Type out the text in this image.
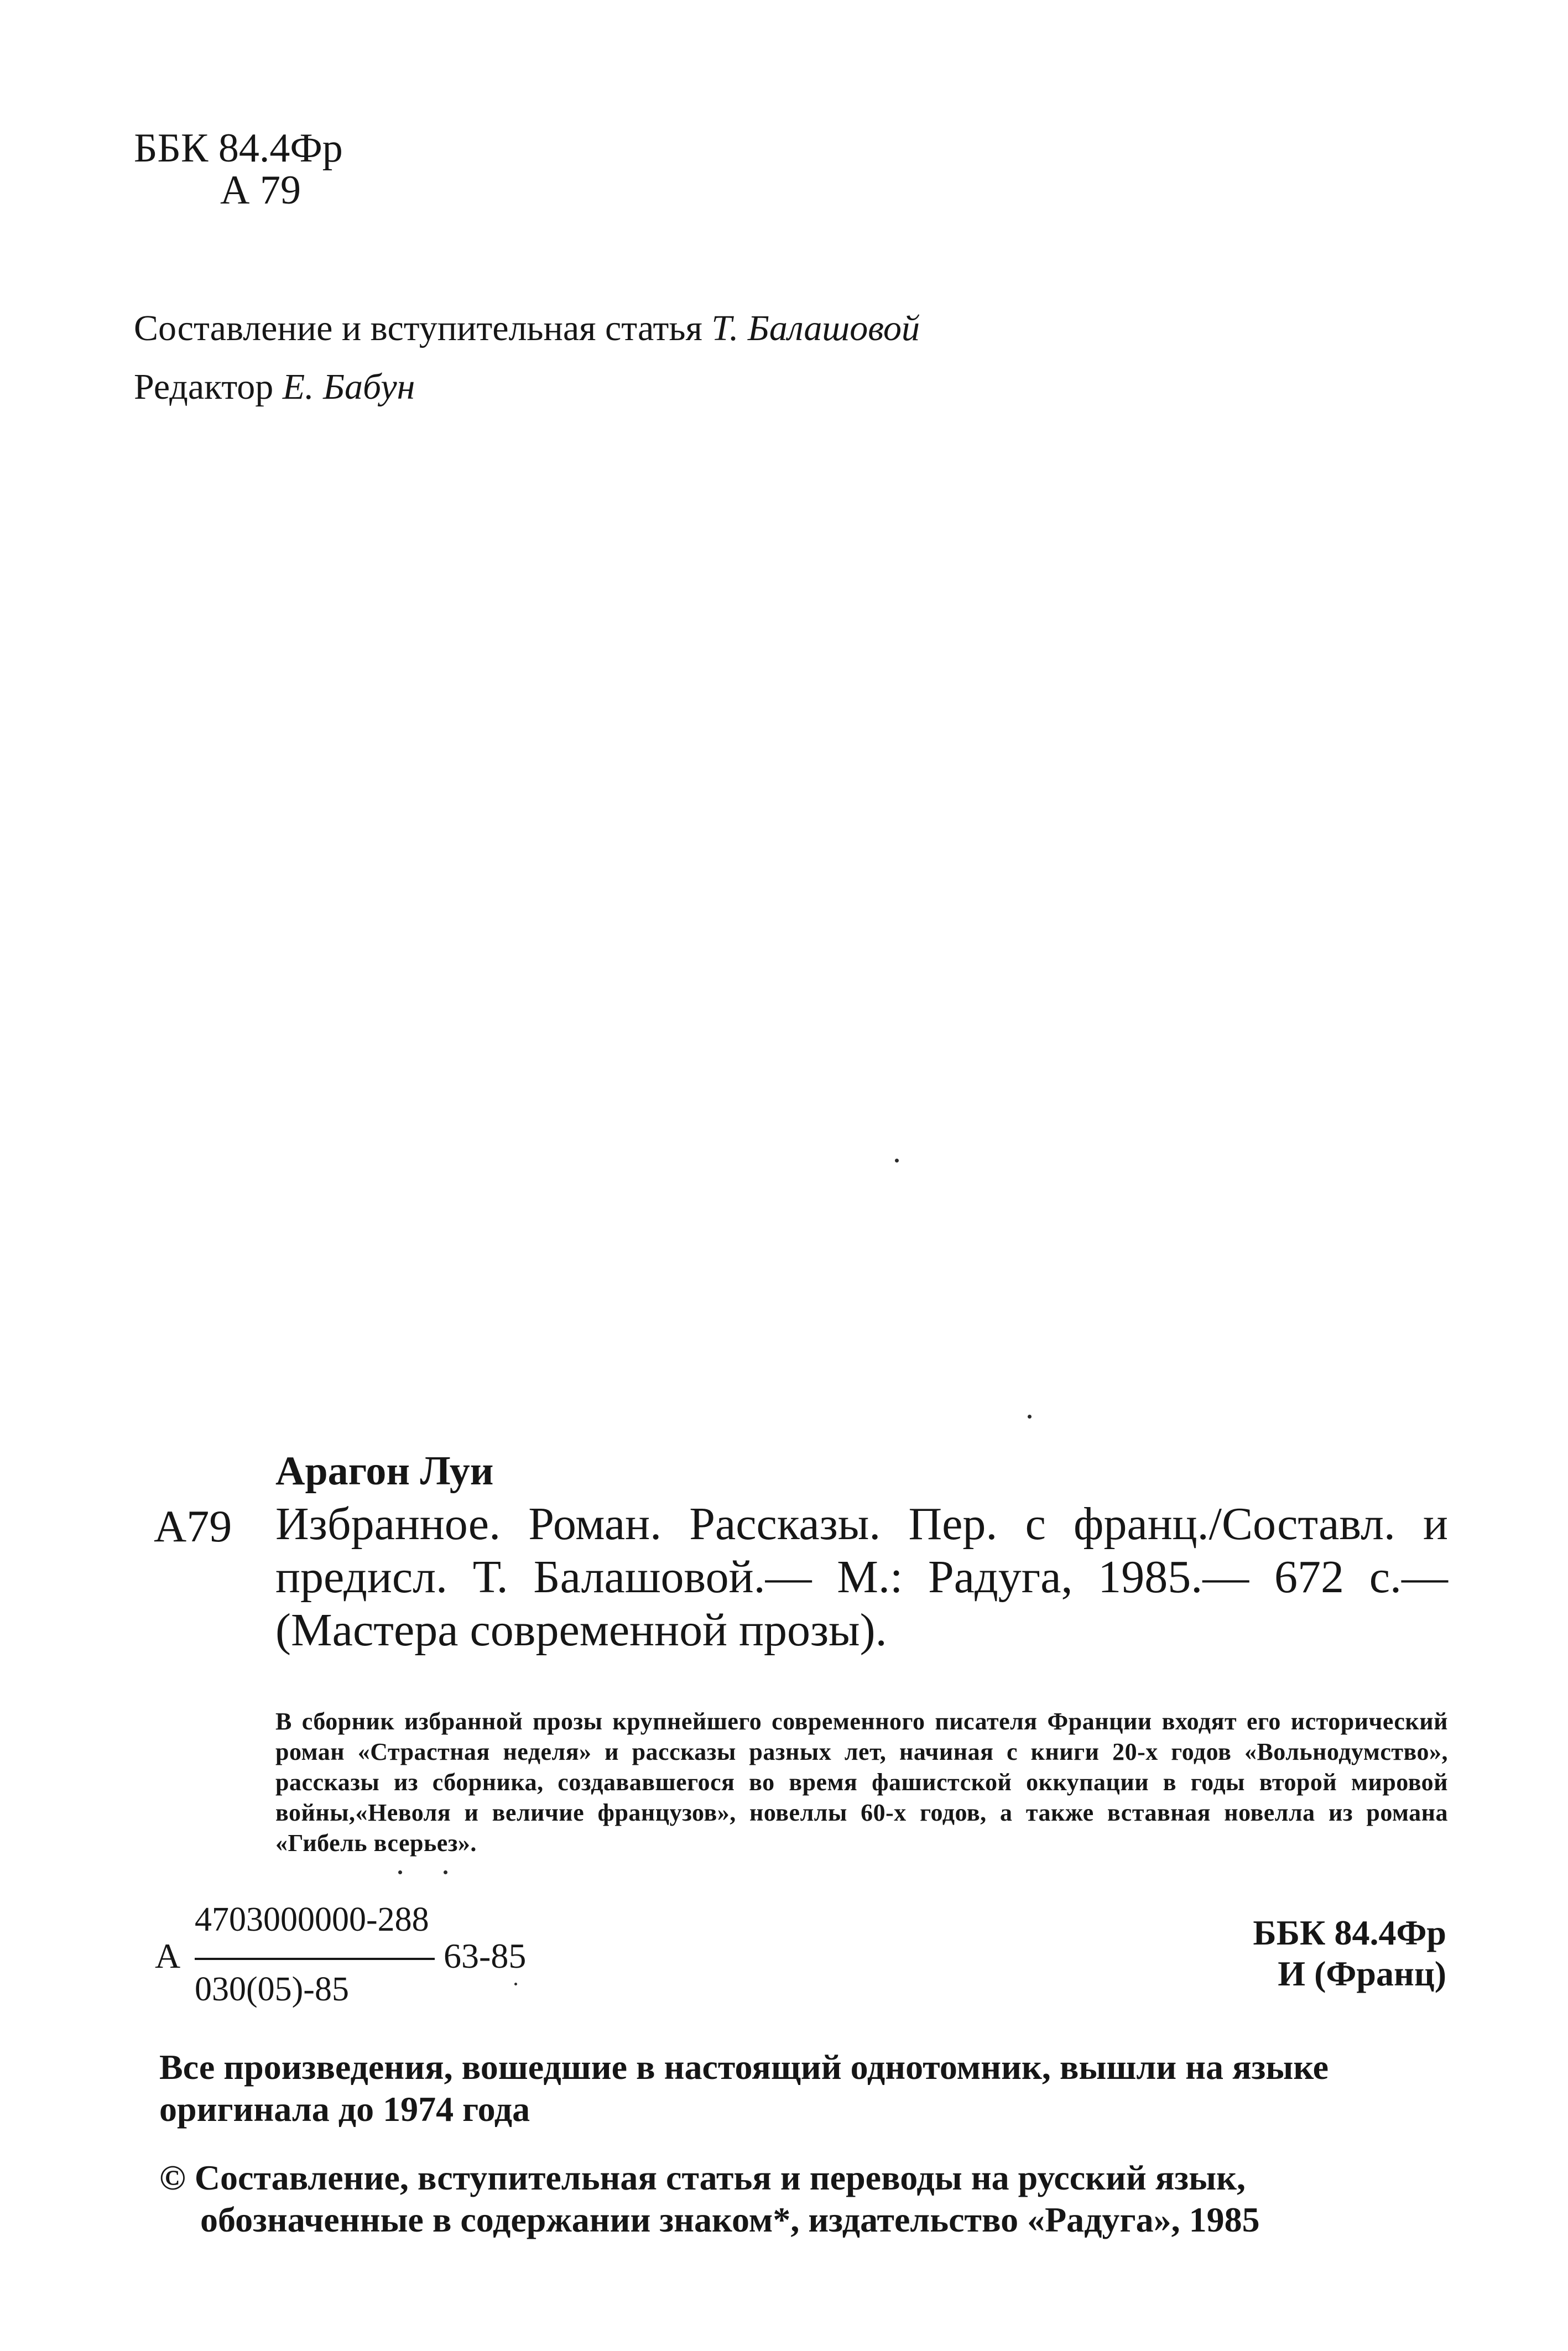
ББК 84.4Фр
А 79
Составление и вступительная статья Т. Балашовой
Редактор Е. Бабун
Арагон Луи
А79 Избранное. Роман. Рассказы. Пер. с франц./Составл. и предисл. Т. Балашовой.— М.: Радуга, 1985.— 672 с.— (Мастера современной прозы).
В сборник избранной прозы крупнейшего современного писателя Франции входят его исторический роман «Страстная неделя» и рассказы разных лет, начиная с книги 20-х годов «Вольнодумство», рассказы из сборника, создававшегося во время фашистской оккупации в годы второй мировой войны,«Неволя и величие французов», новеллы 60-х годов, а также вставная новелла из романа «Гибель всерьез».
А
4703000000-288
030(05)-85
63-85
ББК 84.4Фр
И (Франц)
Все произведения, вошедшие в настоящий однотомник, вышли на языке оригинала до 1974 года
© Составление, вступительная статья и переводы на русский язык,
обозначенные в содержании знаком*, издательство «Радуга», 1985
